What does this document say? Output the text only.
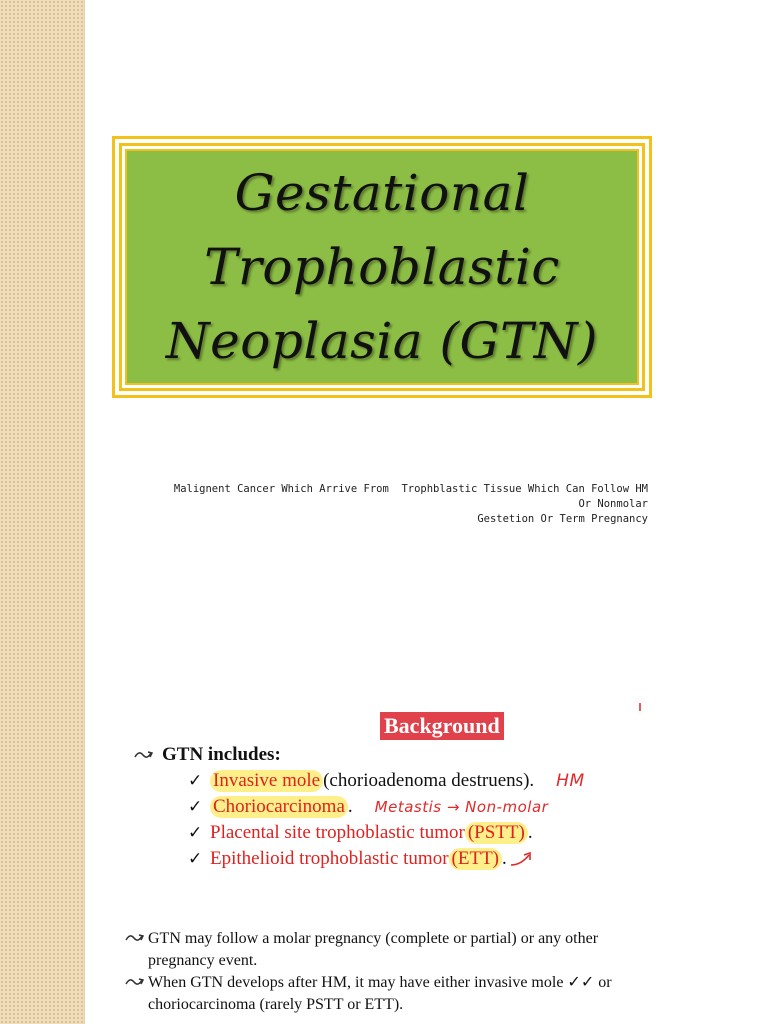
Gestational
Trophoblastic
Neoplasia (GTN)
Malignent Cancer Which Arrive From  Trophblastic Tissue Which Can Follow HM
Or Nonmolar
Gestetion Or Term Pregnancy
Background
GTN includes:
✓ Invasive mole (chorioadenoma destruens). HM
✓ Choriocarcinoma . Metastis → Non-molar
✓ Placental site trophoblastic tumor (PSTT) .
✓ Epithelioid trophoblastic tumor (ETT) .
GTN may follow a molar pregnancy (complete or partial) or any other
pregnancy event.
When GTN develops after HM, it may have either invasive mole ✓✓ or
choriocarcinoma (rarely PSTT or ETT).
